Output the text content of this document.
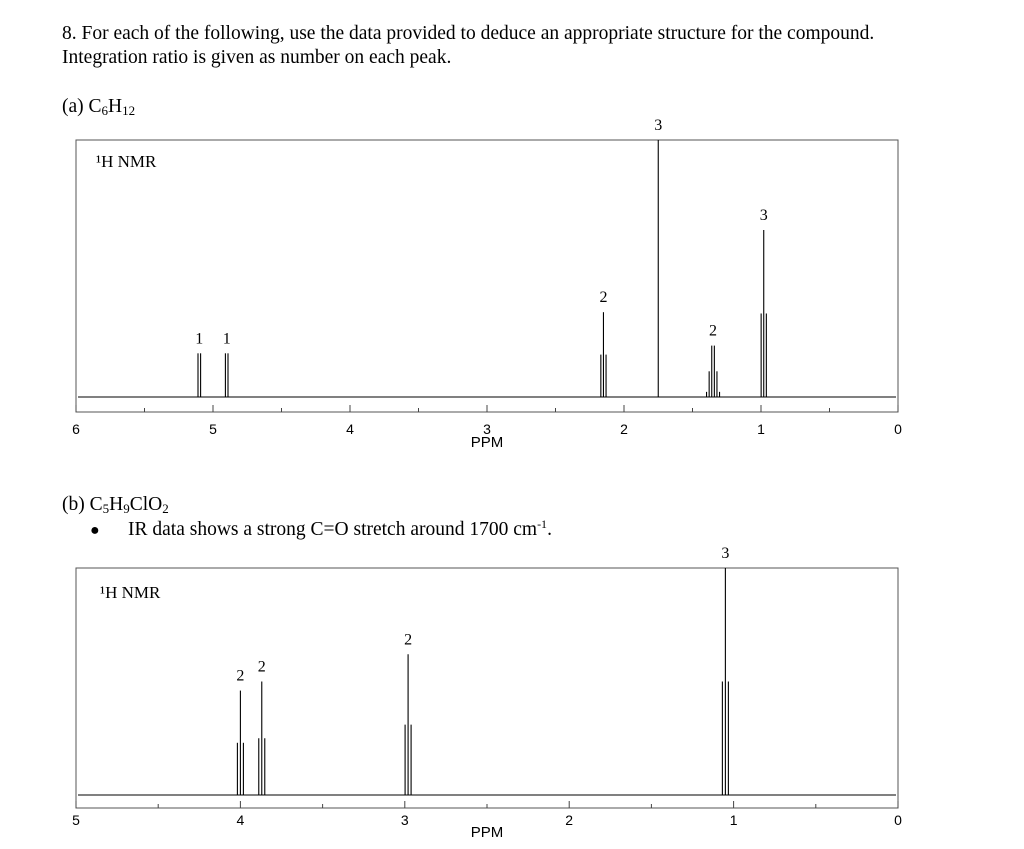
8. For each of the following, use the data provided to deduce an appropriate structure for the compound.
Integration ratio is given as number on each peak.
(a) $C_6H_{12}$
(b) $C_5H_9ClO_2$
● IR data shows a strong C=O stretch around 1700 $cm^{-1}$.
¹H NMR
6	5	4	3	2	1	0
PPM
1 1
2
3
2
3
¹H NMR
5	4	3	2	1	0
PPM
2
2
2
3
